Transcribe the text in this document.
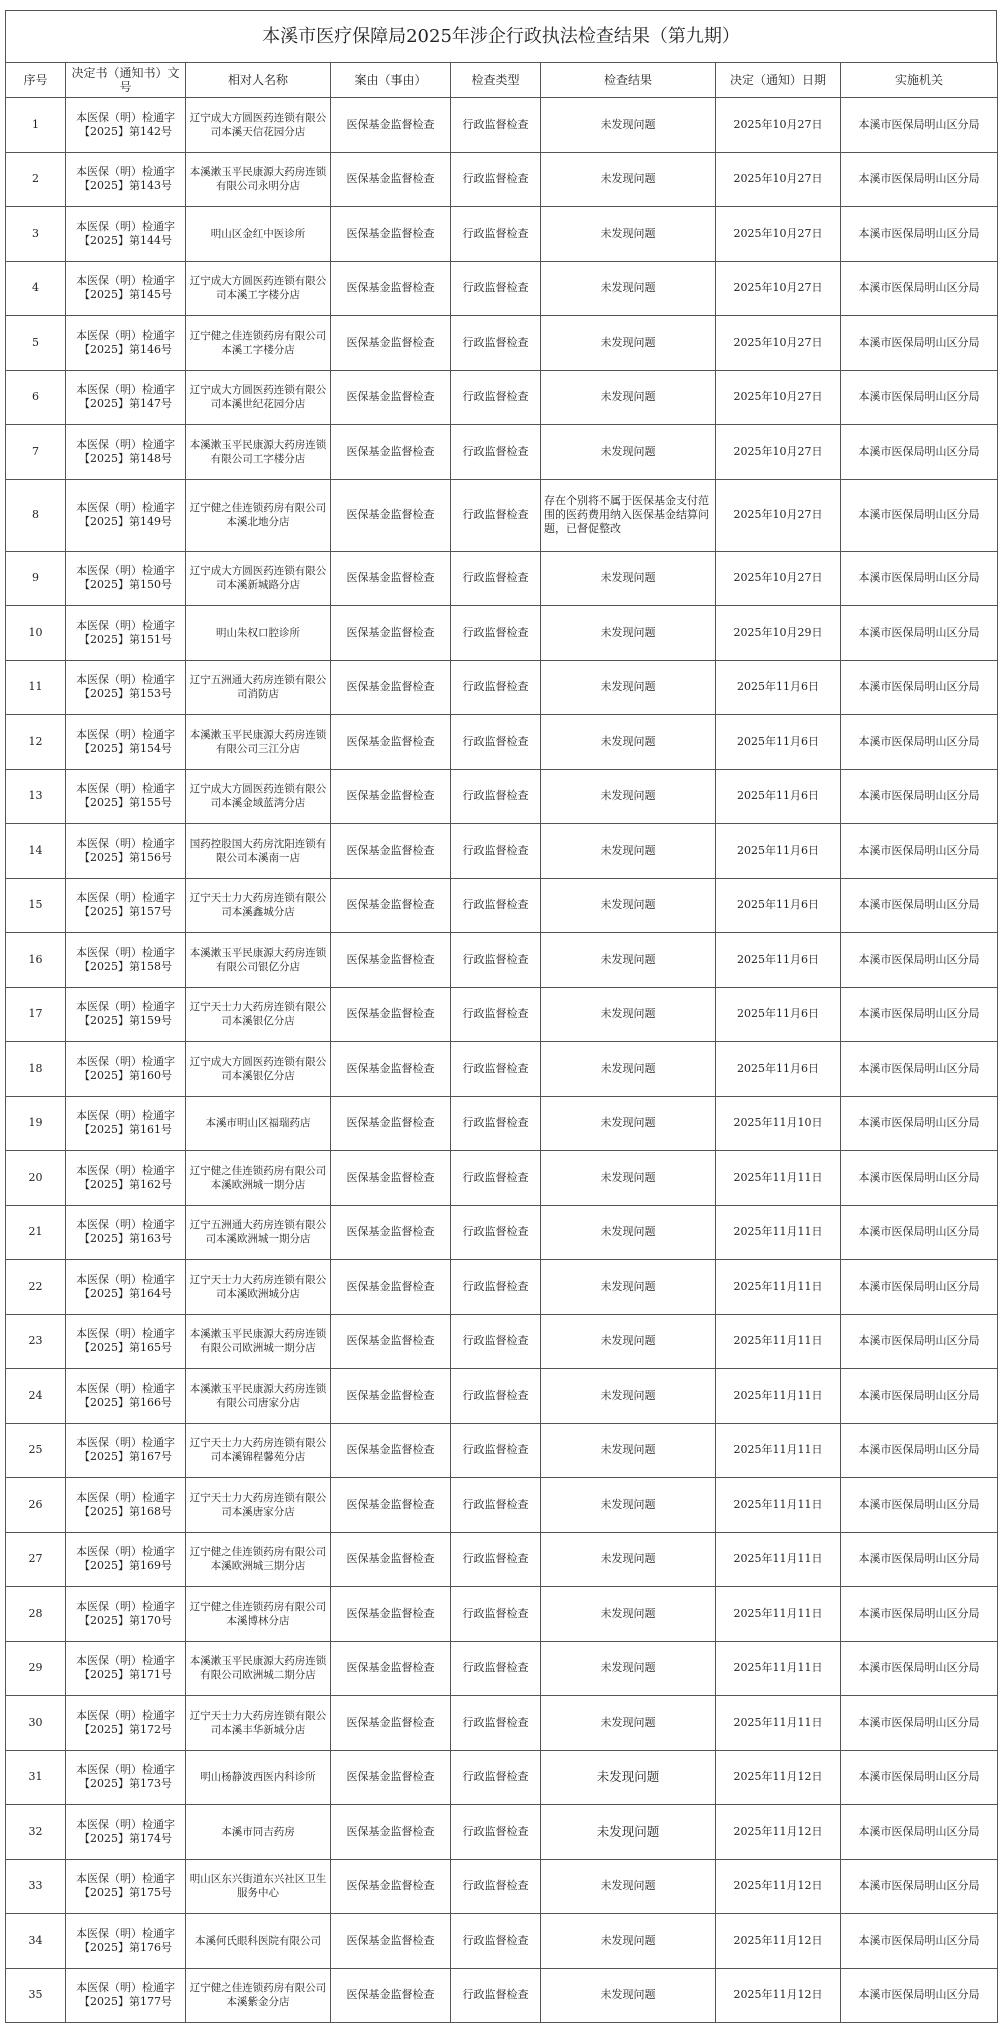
本溪市医疗保障局2025年涉企行政执法检查结果（第九期）
序号	决定书（通知书）文号	相对人名称	案由（事由）	检查类型	检查结果	决定（通知）日期	实施机关
1	本医保（明）检通字【2025】第142号	辽宁成大方圆医药连锁有限公司本溪天信花园分店	医保基金监督检查	行政监督检查	未发现问题	2025年10月27日	本溪市医保局明山区分局
2	本医保（明）检通字【2025】第143号	本溪漱玉平民康源大药房连锁有限公司永明分店	医保基金监督检查	行政监督检查	未发现问题	2025年10月27日	本溪市医保局明山区分局
3	本医保（明）检通字【2025】第144号	明山区金红中医诊所	医保基金监督检查	行政监督检查	未发现问题	2025年10月27日	本溪市医保局明山区分局
4	本医保（明）检通字【2025】第145号	辽宁成大方圆医药连锁有限公司本溪工字楼分店	医保基金监督检查	行政监督检查	未发现问题	2025年10月27日	本溪市医保局明山区分局
5	本医保（明）检通字【2025】第146号	辽宁健之佳连锁药房有限公司本溪工字楼分店	医保基金监督检查	行政监督检查	未发现问题	2025年10月27日	本溪市医保局明山区分局
6	本医保（明）检通字【2025】第147号	辽宁成大方圆医药连锁有限公司本溪世纪花园分店	医保基金监督检查	行政监督检查	未发现问题	2025年10月27日	本溪市医保局明山区分局
7	本医保（明）检通字【2025】第148号	本溪漱玉平民康源大药房连锁有限公司工字楼分店	医保基金监督检查	行政监督检查	未发现问题	2025年10月27日	本溪市医保局明山区分局
8	本医保（明）检通字【2025】第149号	辽宁健之佳连锁药房有限公司本溪北地分店	医保基金监督检查	行政监督检查	存在个别将不属于医保基金支付范围的医药费用纳入医保基金结算问题，已督促整改	2025年10月27日	本溪市医保局明山区分局
9	本医保（明）检通字【2025】第150号	辽宁成大方圆医药连锁有限公司本溪新城路分店	医保基金监督检查	行政监督检查	未发现问题	2025年10月27日	本溪市医保局明山区分局
10	本医保（明）检通字【2025】第151号	明山朱权口腔诊所	医保基金监督检查	行政监督检查	未发现问题	2025年10月29日	本溪市医保局明山区分局
11	本医保（明）检通字【2025】第153号	辽宁五洲通大药房连锁有限公司消防店	医保基金监督检查	行政监督检查	未发现问题	2025年11月6日	本溪市医保局明山区分局
12	本医保（明）检通字【2025】第154号	本溪漱玉平民康源大药房连锁有限公司三江分店	医保基金监督检查	行政监督检查	未发现问题	2025年11月6日	本溪市医保局明山区分局
13	本医保（明）检通字【2025】第155号	辽宁成大方圆医药连锁有限公司本溪金域蓝湾分店	医保基金监督检查	行政监督检查	未发现问题	2025年11月6日	本溪市医保局明山区分局
14	本医保（明）检通字【2025】第156号	国药控股国大药房沈阳连锁有限公司本溪南一店	医保基金监督检查	行政监督检查	未发现问题	2025年11月6日	本溪市医保局明山区分局
15	本医保（明）检通字【2025】第157号	辽宁天士力大药房连锁有限公司本溪鑫城分店	医保基金监督检查	行政监督检查	未发现问题	2025年11月6日	本溪市医保局明山区分局
16	本医保（明）检通字【2025】第158号	本溪漱玉平民康源大药房连锁有限公司银亿分店	医保基金监督检查	行政监督检查	未发现问题	2025年11月6日	本溪市医保局明山区分局
17	本医保（明）检通字【2025】第159号	辽宁天士力大药房连锁有限公司本溪银亿分店	医保基金监督检查	行政监督检查	未发现问题	2025年11月6日	本溪市医保局明山区分局
18	本医保（明）检通字【2025】第160号	辽宁成大方圆医药连锁有限公司本溪银亿分店	医保基金监督检查	行政监督检查	未发现问题	2025年11月6日	本溪市医保局明山区分局
19	本医保（明）检通字【2025】第161号	本溪市明山区福瑞药店	医保基金监督检查	行政监督检查	未发现问题	2025年11月10日	本溪市医保局明山区分局
20	本医保（明）检通字【2025】第162号	辽宁健之佳连锁药房有限公司本溪欧洲城一期分店	医保基金监督检查	行政监督检查	未发现问题	2025年11月11日	本溪市医保局明山区分局
21	本医保（明）检通字【2025】第163号	辽宁五洲通大药房连锁有限公司本溪欧洲城一期分店	医保基金监督检查	行政监督检查	未发现问题	2025年11月11日	本溪市医保局明山区分局
22	本医保（明）检通字【2025】第164号	辽宁天士力大药房连锁有限公司本溪欧洲城分店	医保基金监督检查	行政监督检查	未发现问题	2025年11月11日	本溪市医保局明山区分局
23	本医保（明）检通字【2025】第165号	本溪漱玉平民康源大药房连锁有限公司欧洲城一期分店	医保基金监督检查	行政监督检查	未发现问题	2025年11月11日	本溪市医保局明山区分局
24	本医保（明）检通字【2025】第166号	本溪漱玉平民康源大药房连锁有限公司唐家分店	医保基金监督检查	行政监督检查	未发现问题	2025年11月11日	本溪市医保局明山区分局
25	本医保（明）检通字【2025】第167号	辽宁天士力大药房连锁有限公司本溪锦程馨苑分店	医保基金监督检查	行政监督检查	未发现问题	2025年11月11日	本溪市医保局明山区分局
26	本医保（明）检通字【2025】第168号	辽宁天士力大药房连锁有限公司本溪唐家分店	医保基金监督检查	行政监督检查	未发现问题	2025年11月11日	本溪市医保局明山区分局
27	本医保（明）检通字【2025】第169号	辽宁健之佳连锁药房有限公司本溪欧洲城三期分店	医保基金监督检查	行政监督检查	未发现问题	2025年11月11日	本溪市医保局明山区分局
28	本医保（明）检通字【2025】第170号	辽宁健之佳连锁药房有限公司本溪博林分店	医保基金监督检查	行政监督检查	未发现问题	2025年11月11日	本溪市医保局明山区分局
29	本医保（明）检通字【2025】第171号	本溪漱玉平民康源大药房连锁有限公司欧洲城二期分店	医保基金监督检查	行政监督检查	未发现问题	2025年11月11日	本溪市医保局明山区分局
30	本医保（明）检通字【2025】第172号	辽宁天士力大药房连锁有限公司本溪丰华新城分店	医保基金监督检查	行政监督检查	未发现问题	2025年11月11日	本溪市医保局明山区分局
31	本医保（明）检通字【2025】第173号	明山杨静波西医内科诊所	医保基金监督检查	行政监督检查	未发现问题	2025年11月12日	本溪市医保局明山区分局
32	本医保（明）检通字【2025】第174号	本溪市同吉药房	医保基金监督检查	行政监督检查	未发现问题	2025年11月12日	本溪市医保局明山区分局
33	本医保（明）检通字【2025】第175号	明山区东兴街道东兴社区卫生服务中心	医保基金监督检查	行政监督检查	未发现问题	2025年11月12日	本溪市医保局明山区分局
34	本医保（明）检通字【2025】第176号	本溪何氏眼科医院有限公司	医保基金监督检查	行政监督检查	未发现问题	2025年11月12日	本溪市医保局明山区分局
35	本医保（明）检通字【2025】第177号	辽宁健之佳连锁药房有限公司本溪紫金分店	医保基金监督检查	行政监督检查	未发现问题	2025年11月12日	本溪市医保局明山区分局
